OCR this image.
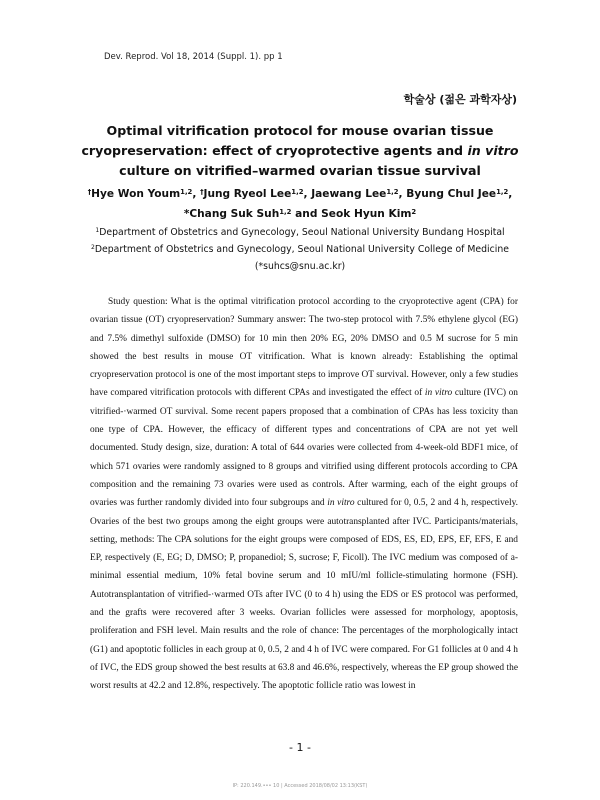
Dev. Reprod. Vol 18, 2014 (Suppl. 1). pp 1
학술상 (젊은 과학자상)
Optimal vitrification protocol for mouse ovarian tissue
cryopreservation: effect of cryoprotective agents and in vitro
culture on vitrified–warmed ovarian tissue survival
†Hye Won Youm$^{1,2}$, †Jung Ryeol Lee$^{1,2}$, Jaewang Lee$^{1,2}$, Byung Chul Jee$^{1,2}$,
*Chang Suk Suh$^{1,2}$ and Seok Hyun Kim$^2$
$^1$Department of Obstetrics and Gynecology, Seoul National University Bundang Hospital
$^2$Department of Obstetrics and Gynecology, Seoul National University College of Medicine
(*suhcs@snu.ac.kr)

Study question: What is the optimal vitrification protocol according to the cryoprotective agent (CPA) for ovarian tissue (OT) cryopreservation? Summary answer: The two-step protocol with 7.5% ethylene glycol (EG) and 7.5% dimethyl sulfoxide (DMSO) for 10 min then 20% EG, 20% DMSO and 0.5 M sucrose for 5 min showed the best results in mouse OT vitrification. What is known already: Establishing the optimal cryopreservation protocol is one of the most important steps to improve OT survival. However, only a few studies have compared vitrification protocols with different CPAs and investigated the effect of in vitro culture (IVC) on vitrified-·warmed OT survival. Some recent papers proposed that a combination of CPAs has less toxicity than one type of CPA. However, the efficacy of different types and concentrations of CPA are not yet well documented. Study design, size, duration: A total of 644 ovaries were collected from 4-week-old BDF1 mice, of which 571 ovaries were randomly assigned to 8 groups and vitrified using different protocols according to CPA composition and the remaining 73 ovaries were used as controls. After warming, each of the eight groups of ovaries was further randomly divided into four subgroups and in vitro cultured for 0, 0.5, 2 and 4 h, respectively. Ovaries of the best two groups among the eight groups were autotransplanted after IVC. Participants/materials, setting, methods: The CPA solutions for the eight groups were composed of EDS, ES, ED, EPS, EF, EFS, E and EP, respectively (E, EG; D, DMSO; P, propanediol; S, sucrose; F, Ficoll). The IVC medium was composed of a-minimal essential medium, 10% fetal bovine serum and 10 mIU/ml follicle-stimulating hormone (FSH). Autotransplantation of vitrified-·warmed OTs after IVC (0 to 4 h) using the EDS or ES protocol was performed, and the grafts were recovered after 3 weeks. Ovarian follicles were assessed for morphology, apoptosis, proliferation and FSH level. Main results and the role of chance: The percentages of the morphologically intact (G1) and apoptotic follicles in each group at 0, 0.5, 2 and 4 h of IVC were compared. For G1 follicles at 0 and 4 h of IVC, the EDS group showed the best results at 63.8 and 46.6%, respectively, whereas the EP group showed the worst results at 42.2 and 12.8%, respectively. The apoptotic follicle ratio was lowest in

- 1 -
IP: 220.149.••• 10 | Accessed 2018/08/02 13:13(KST)
